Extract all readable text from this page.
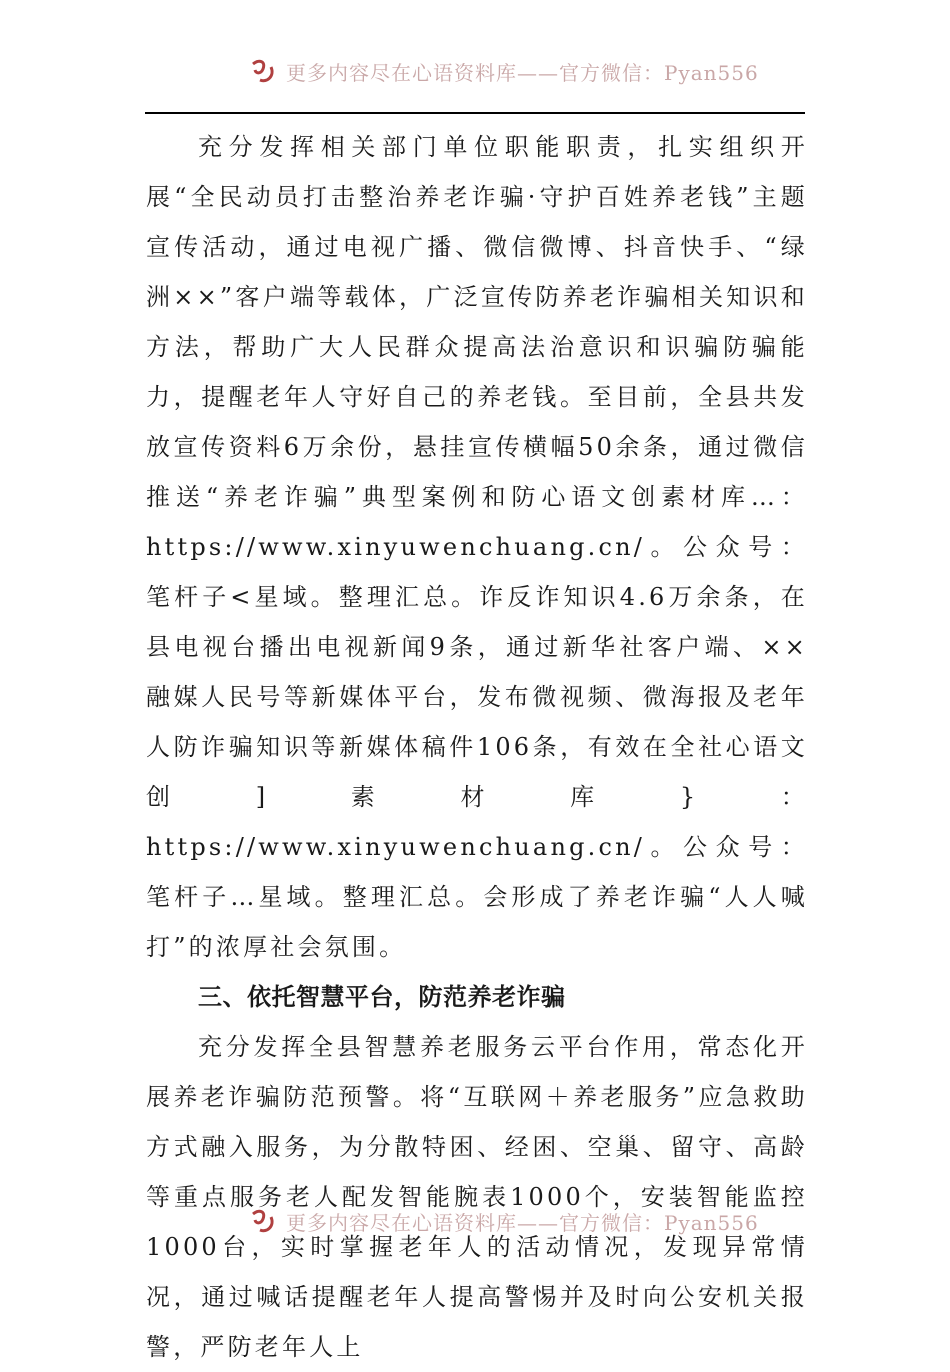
更多内容尽在心语资料库——官方微信：Pyan556

充分发挥相关部门单位职能职责，扎实组织开展“全民动员打击整治养老诈骗·守护百姓养老钱”主题宣传活动，通过电视广播、微信微博、抖音快手、“绿洲××”客户端等载体，广泛宣传防养老诈骗相关知识和方法，帮助广大人民群众提高法治意识和识骗防骗能力，提醒老年人守好自己的养老钱。至目前，全县共发放宣传资料6万余份，悬挂宣传横幅50余条，通过微信推送“养老诈骗”典型案例和防心语文创素材库…：https://www.xinyuwenchuang.cn/。公众号：笔杆子<星域。整理汇总。诈反诈知识4.6万余条，在县电视台播出电视新闻9条，通过新华社客户端、××融媒人民号等新媒体平台，发布微视频、微海报及老年人防诈骗知识等新媒体稿件106条，有效在全社心语文创]素材库}：https://www.xinyuwenchuang.cn/。公众号：笔杆子…星域。整理汇总。会形成了养老诈骗“人人喊打”的浓厚社会氛围。

三、依托智慧平台，防范养老诈骗

充分发挥全县智慧养老服务云平台作用，常态化开展养老诈骗防范预警。将“互联网＋养老服务”应急救助方式融入服务，为分散特困、经困、空巢、留守、高龄等重点服务老人配发智能腕表1000个，安装智能监控1000台，实时掌握老年人的活动情况，发现异常情况，通过喊话提醒老年人提高警惕并及时向公安机关报警，严防老年人上

更多内容尽在心语资料库——官方微信：Pyan556
